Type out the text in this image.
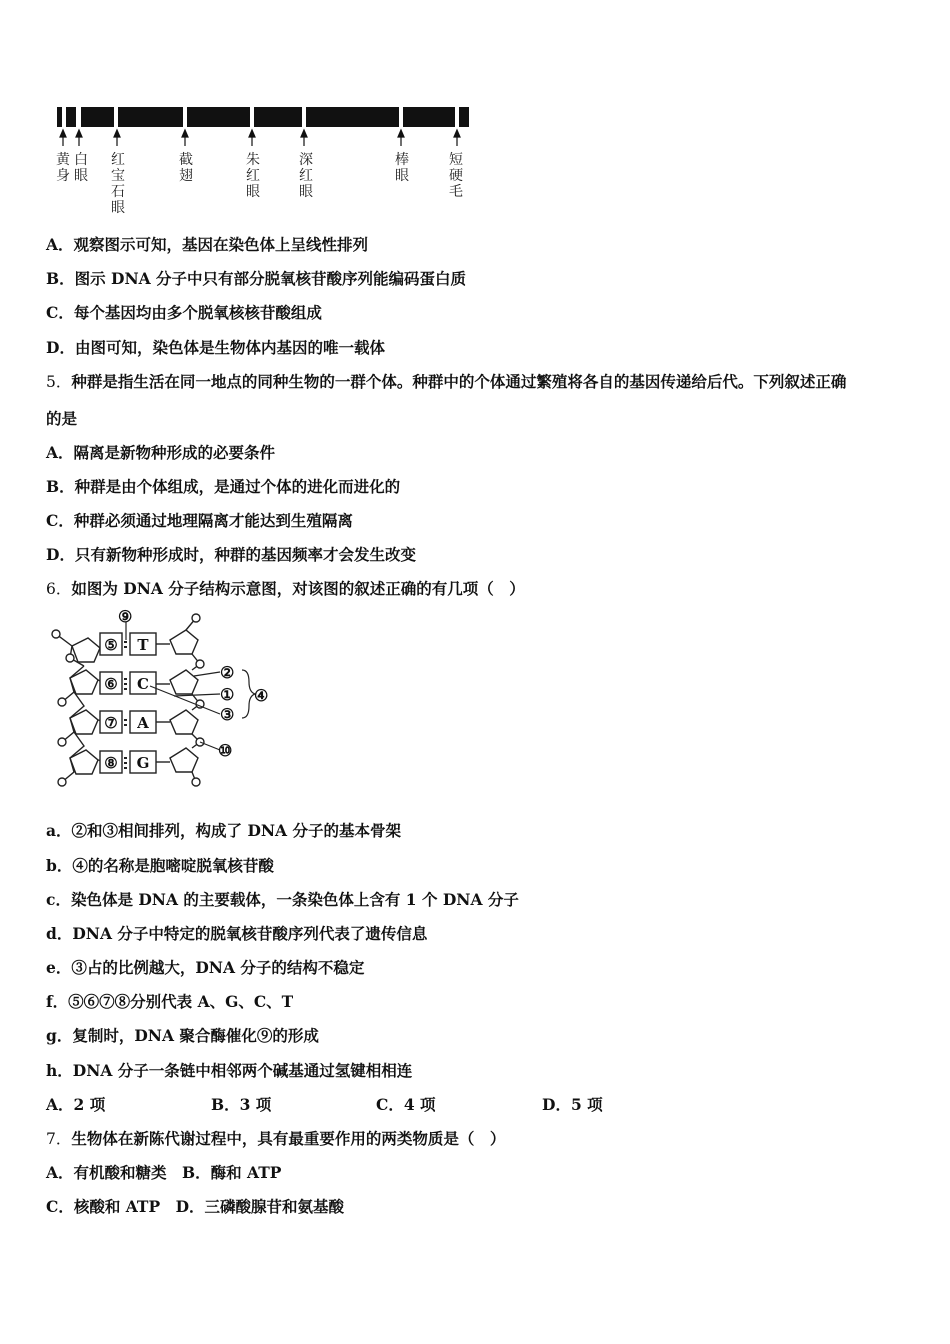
黄身
白眼
红宝石眼
截翅
朱红眼
深红眼
棒眼
短硬毛
A．观察图示可知，基因在染色体上呈线性排列
B．图示 DNA 分子中只有部分脱氧核苷酸序列能编码蛋白质
C．每个基因均由多个脱氧核核苷酸组成
D．由图可知，染色体是生物体内基因的唯一载体
5．种群是指生活在同一地点的同种生物的一群个体。种群中的个体通过繁殖将各自的基因传递给后代。下列叙述正确
的是
A．隔离是新物种形成的必要条件
B．种群是由个体组成，是通过个体的进化而进化的
C．种群必须通过地理隔离才能达到生殖隔离
D．只有新物种形成时，种群的基因频率才会发生改变
6．如图为 DNA 分子结构示意图，对该图的叙述正确的有几项（　）
⑤
⑥
⑦
⑧
T
C
A
G
⑨
②
①
③
④
⑩
a．②和③相间排列，构成了 DNA 分子的基本骨架
b．④的名称是胞嘧啶脱氧核苷酸
c．染色体是 DNA 的主要载体，一条染色体上含有 1 个 DNA 分子
d．DNA 分子中特定的脱氧核苷酸序列代表了遗传信息
e．③占的比例越大，DNA 分子的结构不稳定
f．⑤⑥⑦⑧分别代表 A、G、C、T
g．复制时，DNA 聚合酶催化⑨的形成
h．DNA 分子一条链中相邻两个碱基通过氢键相相连
A．2 项	B．3 项	C．4 项	D．5 项
7．生物体在新陈代谢过程中，具有最重要作用的两类物质是（　）
A．有机酸和糖类　B．酶和 ATP
C．核酸和 ATP　D．三磷酸腺苷和氨基酸
